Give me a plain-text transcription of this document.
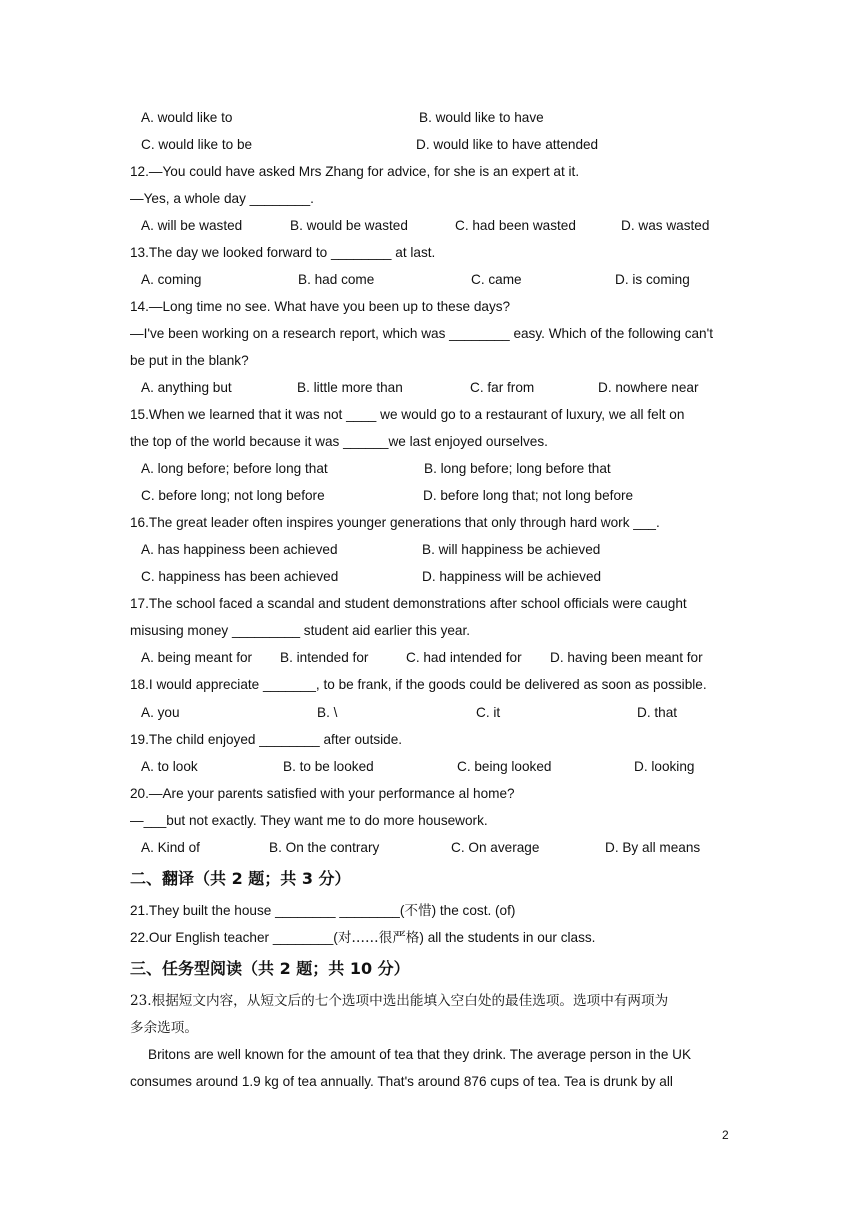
A. would like to	B. would like to have
C. would like to be	D. would like to have attended
12.—You could have asked Mrs Zhang for advice, for she is an expert at it.
—Yes, a whole day ________.
A. will be wasted	B. would be wasted	C. had been wasted	D. was wasted
13.The day we looked forward to ________ at last.
A. coming	B. had come	C. came	D. is coming
14.—Long time no see. What have you been up to these days?
—I've been working on a research report, which was ________ easy. Which of the following can't
be put in the blank?
A. anything but	B. little more than	C. far from	D. nowhere near
15.When we learned that it was not ____ we would go to a restaurant of luxury, we all felt on
the top of the world because it was ______we last enjoyed ourselves.
A. long before; before long that	B. long before; long before that
C. before long; not long before	D. before long that; not long before
16.The great leader often inspires younger generations that only through hard work ___.
A. has happiness been achieved	B. will happiness be achieved
C. happiness has been achieved	D. happiness will be achieved
17.The school faced a scandal and student demonstrations after school officials were caught
misusing money _________ student aid earlier this year.
A. being meant for B. intended for	C. had intended for D. having been meant for
18.I would appreciate _______, to be frank, if the goods could be delivered as soon as possible.
A. you	B. \	C. it	D. that
19.The child enjoyed ________ after outside.
A. to look	B. to be looked	C. being looked	D. looking
20.—Are your parents satisfied with your performance al home?
—___but not exactly. They want me to do more housework.
A. Kind of	B. On the contrary	C. On average	D. By all means
二、翻译（共 2 题；共 3 分）
21.They built the house ________ ________(不惜) the cost. (of)
22.Our English teacher ________(对……很严格) all the students in our class.
三、任务型阅读（共 2 题；共 10 分）
23.根据短文内容，从短文后的七个选项中选出能填入空白处的最佳选项。选项中有两项为
多余选项。
Britons are well known for the amount of tea that they drink. The average person in the UK
consumes around 1.9 kg of tea annually. That's around 876 cups of tea. Tea is drunk by all
2
